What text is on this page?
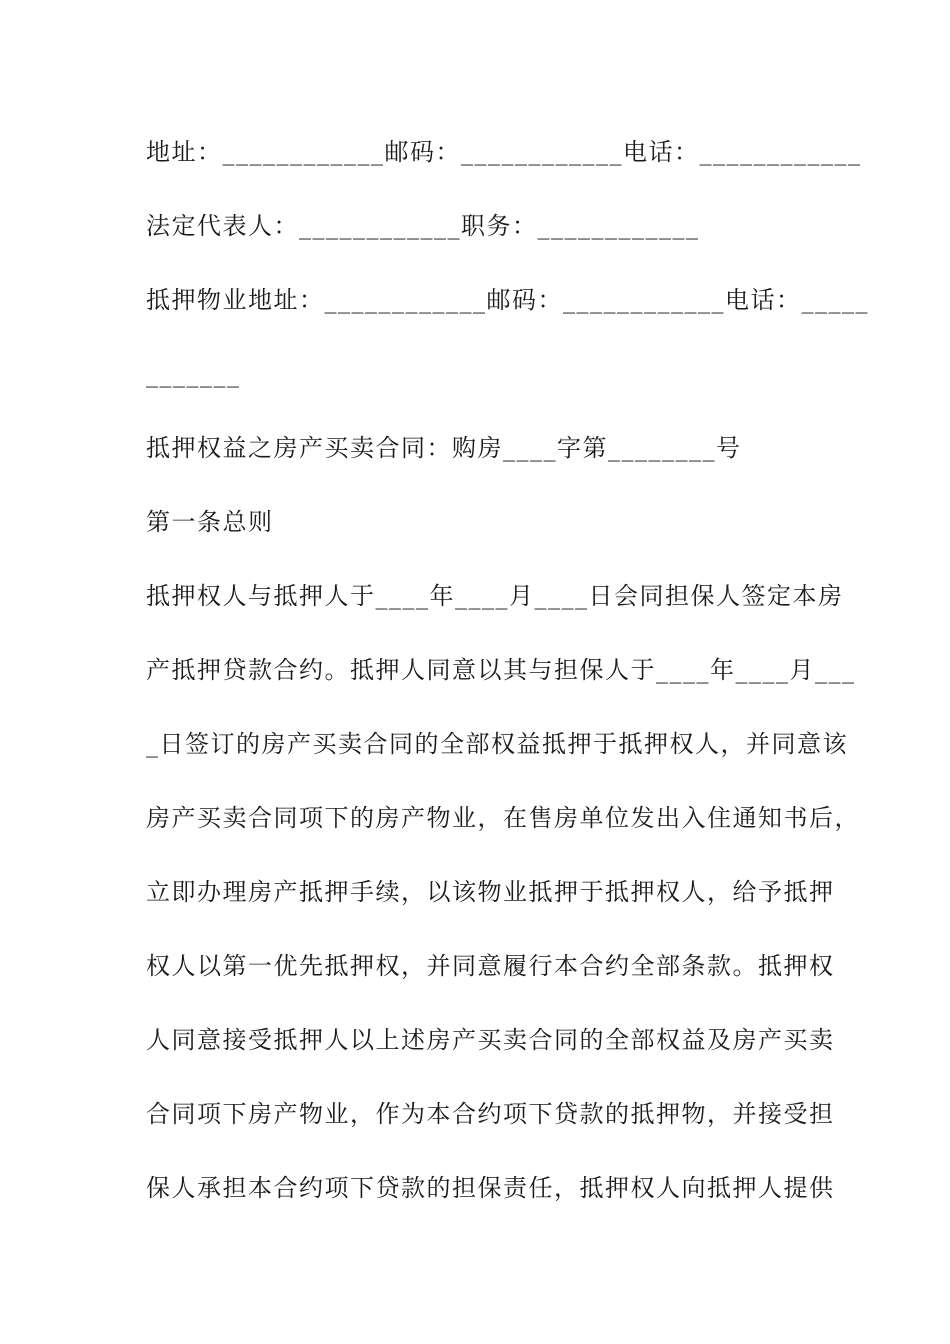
地址：____________邮码：____________电话：____________
法定代表人：____________职务：____________
抵押物业地址：____________邮码：____________电话：_____
_______
抵押权益之房产买卖合同：购房____字第________号
第一条总则
抵押权人与抵押人于____年____月____日会同担保人签定本房
产抵押贷款合约。抵押人同意以其与担保人于____年____月___
_日签订的房产买卖合同的全部权益抵押于抵押权人，并同意该
房产买卖合同项下的房产物业，在售房单位发出入住通知书后，
立即办理房产抵押手续，以该物业抵押于抵押权人，给予抵押
权人以第一优先抵押权，并同意履行本合约全部条款。抵押权
人同意接受抵押人以上述房产买卖合同的全部权益及房产买卖
合同项下房产物业，作为本合约项下贷款的抵押物，并接受担
保人承担本合约项下贷款的担保责任，抵押权人向抵押人提供
